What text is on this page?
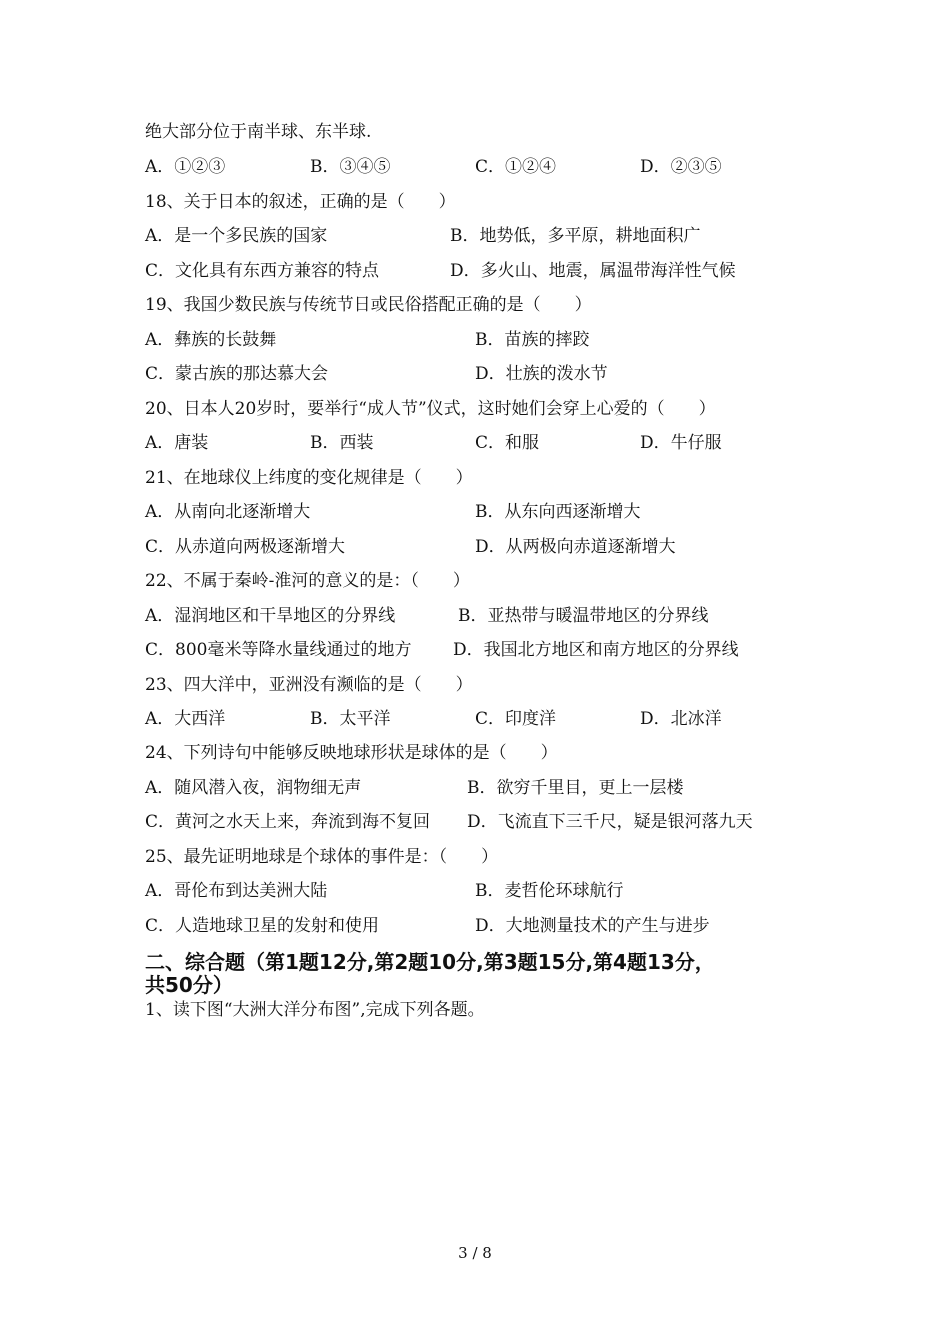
绝大部分位于南半球、东半球.
A．①②③	B．③④⑤	C．①②④	D．②③⑤
18、关于日本的叙述，正确的是（　　）
A．是一个多民族的国家	B．地势低，多平原，耕地面积广
C．文化具有东西方兼容的特点	D．多火山、地震，属温带海洋性气候
19、我国少数民族与传统节日或民俗搭配正确的是（　　）
A．彝族的长鼓舞	B．苗族的摔跤
C．蒙古族的那达慕大会	D．壮族的泼水节
20、日本人20岁时，要举行“成人节”仪式，这时她们会穿上心爱的（　　）
A．唐装	B．西装	C．和服	D．牛仔服
21、在地球仪上纬度的变化规律是（　　）
A．从南向北逐渐增大	B．从东向西逐渐增大
C．从赤道向两极逐渐增大	D．从两极向赤道逐渐增大
22、不属于秦岭-淮河的意义的是：（　　）
A．湿润地区和干旱地区的分界线	B．亚热带与暖温带地区的分界线
C．800毫米等降水量线通过的地方 D．我国北方地区和南方地区的分界线
23、四大洋中，亚洲没有濒临的是（　　）
A．大西洋	B．太平洋	C．印度洋	D．北冰洋
24、下列诗句中能够反映地球形状是球体的是（　　）
A．随风潜入夜，润物细无声	B．欲穷千里目，更上一层楼
C．黄河之水天上来，奔流到海不复回 D．飞流直下三千尺，疑是银河落九天
25、最先证明地球是个球体的事件是：（　　）
A．哥伦布到达美洲大陆	B．麦哲伦环球航行
C．人造地球卫星的发射和使用	D．大地测量技术的产生与进步
二、综合题（第1题12分,第2题10分,第3题15分,第4题13分，
共50分）
1、读下图“大洲大洋分布图”,完成下列各题。
3 / 8
